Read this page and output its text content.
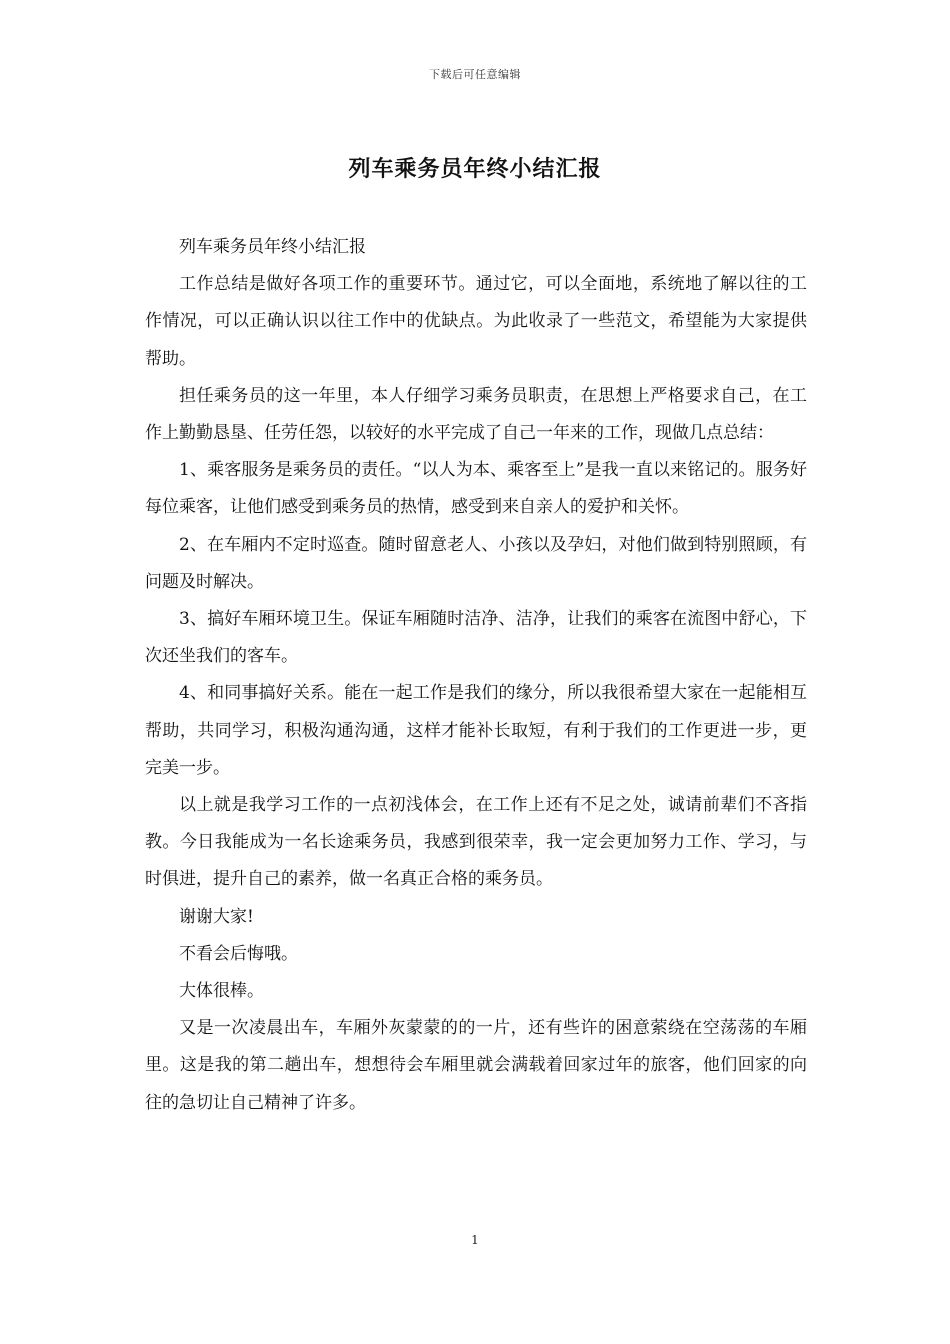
下载后可任意编辑
列车乘务员年终小结汇报

列车乘务员年终小结汇报

工作总结是做好各项工作的重要环节。通过它，可以全面地，系统地了解以往的工作情况，可以正确认识以往工作中的优缺点。为此收录了一些范文，希望能为大家提供帮助。

担任乘务员的这一年里，本人仔细学习乘务员职责，在思想上严格要求自己，在工作上勤勤恳垦、任劳任怨，以较好的水平完成了自己一年来的工作，现做几点总结：

1、乘客服务是乘务员的责任。“以人为本、乘客至上”是我一直以来铭记的。服务好每位乘客，让他们感受到乘务员的热情，感受到来自亲人的爱护和关怀。

2、在车厢内不定时巡查。随时留意老人、小孩以及孕妇，对他们做到特别照顾，有问题及时解决。

3、搞好车厢环境卫生。保证车厢随时洁净、洁净，让我们的乘客在流图中舒心，下次还坐我们的客车。

4、和同事搞好关系。能在一起工作是我们的缘分，所以我很希望大家在一起能相互帮助，共同学习，积极沟通沟通，这样才能补长取短，有利于我们的工作更进一步，更完美一步。

以上就是我学习工作的一点初浅体会，在工作上还有不足之处，诚请前辈们不吝指教。今日我能成为一名长途乘务员，我感到很荣幸，我一定会更加努力工作、学习，与时俱进，提升自己的素养，做一名真正合格的乘务员。

谢谢大家!

不看会后悔哦。

大体很棒。

又是一次凌晨出车，车厢外灰蒙蒙的的一片，还有些许的困意萦绕在空荡荡的车厢里。这是我的第二趟出车，想想待会车厢里就会满载着回家过年的旅客，他们回家的向往的急切让自己精神了许多。

1
